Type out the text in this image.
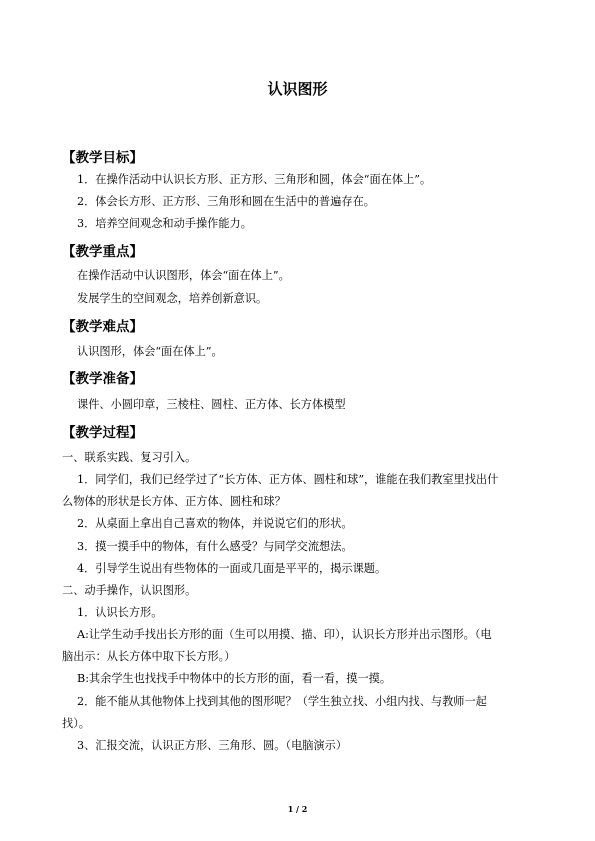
认识图形
【教学目标】
1．在操作活动中认识长方形、正方形、三角形和圆，体会“面在体上”。
2．体会长方形、正方形、三角形和圆在生活中的普遍存在。
3．培养空间观念和动手操作能力。
【教学重点】
在操作活动中认识图形，体会“面在体上”。
发展学生的空间观念，培养创新意识。
【教学难点】
认识图形，体会“面在体上”。
【教学准备】
课件、小圆印章，三棱柱、圆柱、正方体、长方体模型
【教学过程】
一、联系实践、复习引入。
1．同学们，我们已经学过了“长方体、正方体、圆柱和球”，谁能在我们教室里找出什
么物体的形状是长方体、正方体、圆柱和球？
2．从桌面上拿出自己喜欢的物体，并说说它们的形状。
3．摸一摸手中的物体，有什么感受？与同学交流想法。
4．引导学生说出有些物体的一面或几面是平平的，揭示课题。
二、动手操作，认识图形。
1．认识长方形。
A:让学生动手找出长方形的面（生可以用摸、描、印），认识长方形并出示图形。（电
脑出示：从长方体中取下长方形。）
B:其余学生也找找手中物体中的长方形的面，看一看，摸一摸。
2．能不能从其他物体上找到其他的图形呢？（学生独立找、小组内找、与教师一起
找）。
3、汇报交流，认识正方形、三角形、圆。（电脑演示）
1 / 2
